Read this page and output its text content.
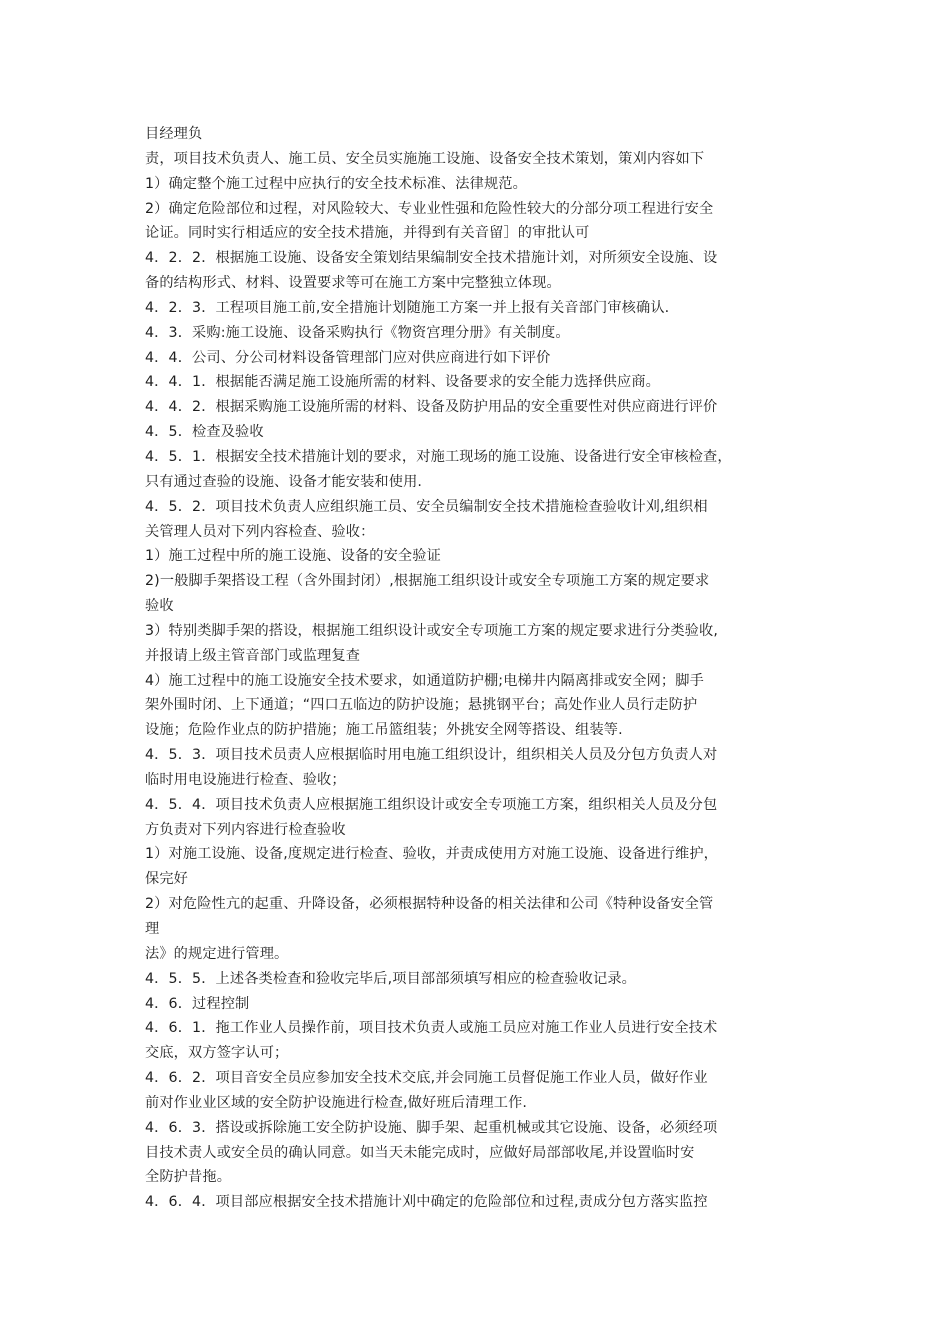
目经理负
责，项目技术负责人、施工员、安全员实施施工设施、设备安全技术策划，策刈内容如下
1）确定整个施工过程中应执行的安全技术标准、法律规范。
2）确定危险部位和过程，对风险较大、专业业性强和危险性较大的分部分项工程进行安全
论证。同时实行相适应的安全技术措施，并得到有关音留］的审批认可
4．2．2．根据施工设施、设备安全策划结果编制安全技术措施计刘，对所须安全设施、设
备的结构形式、材料、设置要求等可在施工方案中完整独立体现。
4．2．3．工程项目施工前,安全措施计划随施工方案一并上报有关音部门审核确认.
4．3．采购:施工设施、设备采购执行《物资宫理分册》有关制度。
4．4．公司、分公司材料设备管理部门应对供应商进行如下评价
4．4．1．根据能否满足施工设施所需的材料、设备要求的安全能力选择供应商。
4．4．2．根据采购施工设施所需的材料、设备及防护用品的安全重要性对供应商进行评价
4．5．检查及验收
4．5．1．根据安全技术措施计划的要求，对施工现场的施工设施、设备进行安全审核检查，
只有通过查验的设施、设备才能安装和使用.
4．5．2．项目技术负责人应组织施工员、安全员编制安全技术措施检查验收计刈,组织相
关管理人员对下列内容检查、验收：
1）施工过程中所的施工设施、设备的安全验证
2)一般脚手架搭设工程（含外围封闭）,根据施工组织设计或安全专项施工方案的规定要求
验收
3）特别类脚手架的搭设，根据施工组织设计或安全专项施工方案的规定要求进行分类验收,
并报请上级主管音部门或监理复查
4）施工过程中的施工设施安全技术要求，如通道防护棚;电梯井内隔离排或安全网；脚手
架外围时闭、上下通道；“四口五临边的防护设施；悬挑钢平台；高处作业人员行走防护
设施；危险作业点的防护措施；施工吊篮组装；外挑安全网等搭设、组装等.
4．5．3．项目技术员责人应根据临时用电施工组织设计，组织相关人员及分包方负责人对
临时用电设施进行检查、验收；
4．5．4．项目技术负责人应根据施工组织设计或安全专项施工方案，组织相关人员及分包
方负责对下列内容进行检查验收
1）对施工设施、设备,度规定进行检查、验收，并责成使用方对施工设施、设备进行维护，
保完好
2）对危险性亢的起重、升降设备，必须根据特种设备的相关法律和公司《特种设备安全管
理
法》的规定进行管理。
4．5．5．上述各类检查和猃收完毕后,项目部部须填写相应的检查验收记录。
4．6．过程控制
4．6．1．拖工作业人员操作前，项目技术负责人或施工员应对施工作业人员进行安全技术
交底，双方签字认可；
4．6．2．项目音安全员应参加安全技术交底,并会同施工员督促施工作业人员，做好作业
前对作业业区域的安全防护设施进行检查,做好班后清理工作.
4．6．3．搭设或拆除施工安全防护设施、脚手架、起重机械或其它设施、设备，必须经项
目技术责人或安全员的确认同意。如当天未能完成时，应做好局部部收尾,并设置临时安
全防护昔拖。
4．6．4．项目部应根据安全技术措施计刈中确定的危险部位和过程,责成分包方落实监控
